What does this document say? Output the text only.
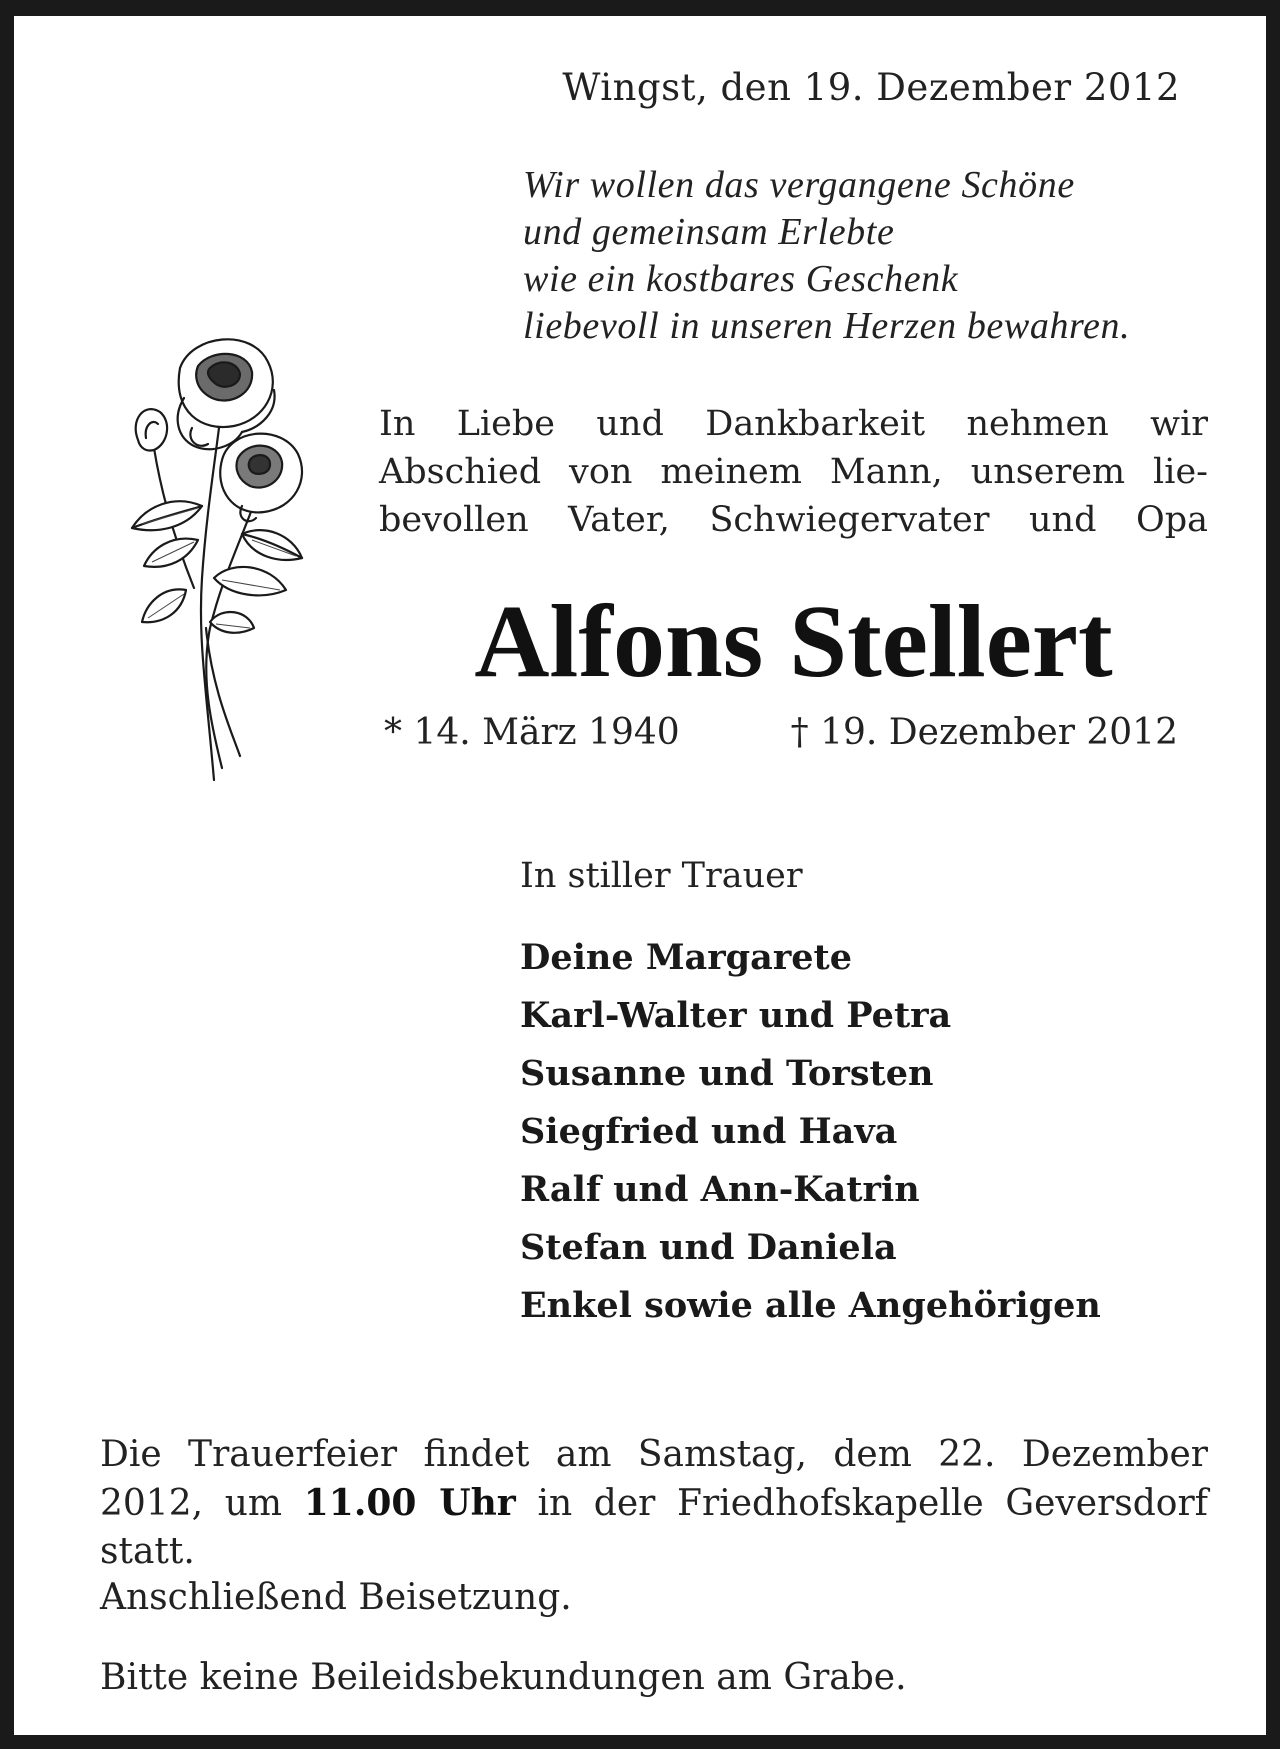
Wingst, den 19. Dezember 2012
Wir wollen das vergangene Schöne
und gemeinsam Erlebte
wie ein kostbares Geschenk
liebevoll in unseren Herzen bewahren.
In Liebe und Dankbarkeit nehmen wir
Abschied von meinem Mann, unserem lie-
bevollen Vater, Schwiegervater und Opa
Alfons Stellert
* 14. März 1940	† 19. Dezember 2012
In stiller Trauer
Deine Margarete
Karl-Walter und Petra
Susanne und Torsten
Siegfried und Hava
Ralf und Ann-Katrin
Stefan und Daniela
Enkel sowie alle Angehörigen
Die Trauerfeier findet am Samstag, dem 22. Dezember
2012, um 11.00 Uhr in der Friedhofskapelle Geversdorf
statt.
Anschließend Beisetzung.
Bitte keine Beileidsbekundungen am Grabe.
